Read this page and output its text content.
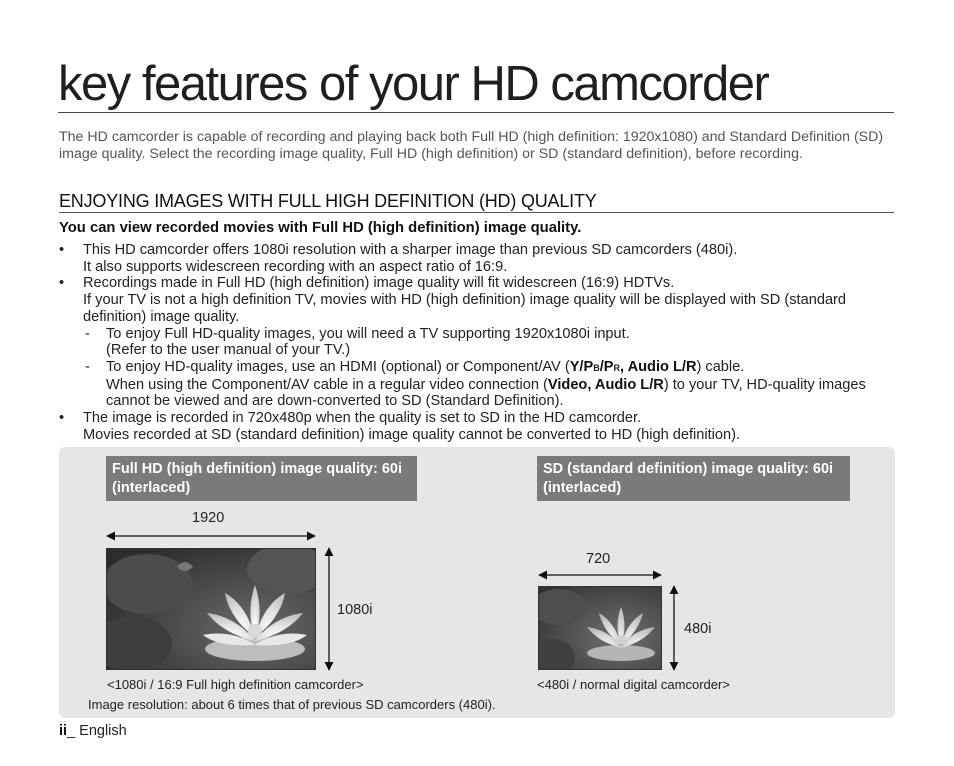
key features of your HD camcorder

The HD camcorder is capable of recording and playing back both Full HD (high definition: 1920x1080) and Standard Definition (SD) image quality. Select the recording image quality, Full HD (high definition) or SD (standard definition), before recording.

ENJOYING IMAGES WITH FULL HIGH DEFINITION (HD) QUALITY

You can view recorded movies with Full HD (high definition) image quality.

• This HD camcorder offers 1080i resolution with a sharper image than previous SD camcorders (480i).
It also supports widescreen recording with an aspect ratio of 16:9.
• Recordings made in Full HD (high definition) image quality will fit widescreen (16:9) HDTVs.
If your TV is not a high definition TV, movies with HD (high definition) image quality will be displayed with SD (standard definition) image quality.
- To enjoy Full HD-quality images, you will need a TV supporting 1920x1080i input.
(Refer to the user manual of your TV.)
- To enjoy HD-quality images, use an HDMI (optional) or Component/AV (Y/PB/PR, Audio L/R) cable.
When using the Component/AV cable in a regular video connection (Video, Audio L/R) to your TV, HD-quality images cannot be viewed and are down-converted to SD (Standard Definition).
• The image is recorded in 720x480p when the quality is set to SD in the HD camcorder.
Movies recorded at SD (standard definition) image quality cannot be converted to HD (high definition).
Full HD (high definition) image quality: 60i (interlaced)
SD (standard definition) image quality: 60i (interlaced)
1920
1080i
720
480i
<1080i / 16:9 Full high definition camcorder>	<480i / normal digital camcorder>
Image resolution: about 6 times that of previous SD camcorders (480i).
ii_ English
